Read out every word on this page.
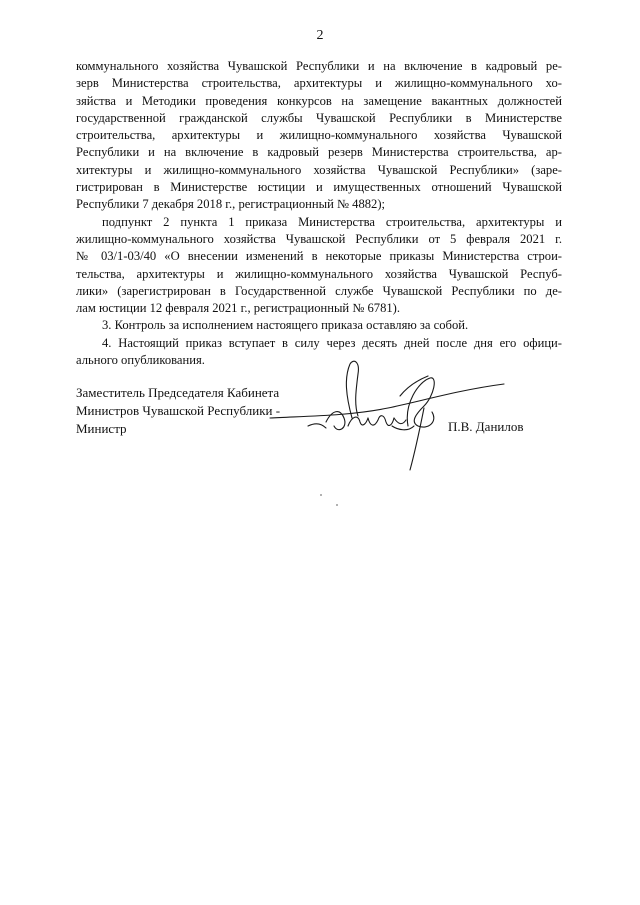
2
коммунального хозяйства Чувашской Республики и на включение в кадровый ре-
зерв Министерства строительства, архитектуры и жилищно-коммунального хо-
зяйства и Методики проведения конкурсов на замещение вакантных должностей
государственной гражданской службы Чувашской Республики в Министерстве
строительства, архитектуры и жилищно-коммунального хозяйства Чувашской
Республики и на включение в кадровый резерв Министерства строительства, ар-
хитектуры и жилищно-коммунального хозяйства Чувашской Республики» (заре-
гистрирован в Министерстве юстиции и имущественных отношений Чувашской
Республики 7 декабря 2018 г., регистрационный № 4882);
подпункт 2 пункта 1 приказа Министерства строительства, архитектуры и
жилищно-коммунального хозяйства Чувашской Республики от 5 февраля 2021 г.
№ 03/1-03/40 «О внесении изменений в некоторые приказы Министерства строи-
тельства, архитектуры и жилищно-коммунального хозяйства Чувашской Респуб-
лики» (зарегистрирован в Государственной службе Чувашской Республики по де-
лам юстиции 12 февраля 2021 г., регистрационный № 6781).
3. Контроль за исполнением настоящего приказа оставляю за собой.
4. Настоящий приказ вступает в силу через десять дней после дня его офици-
ального опубликования.
Заместитель Председателя Кабинета
Министров Чувашской Республики -
Министр	П.В. Данилов
